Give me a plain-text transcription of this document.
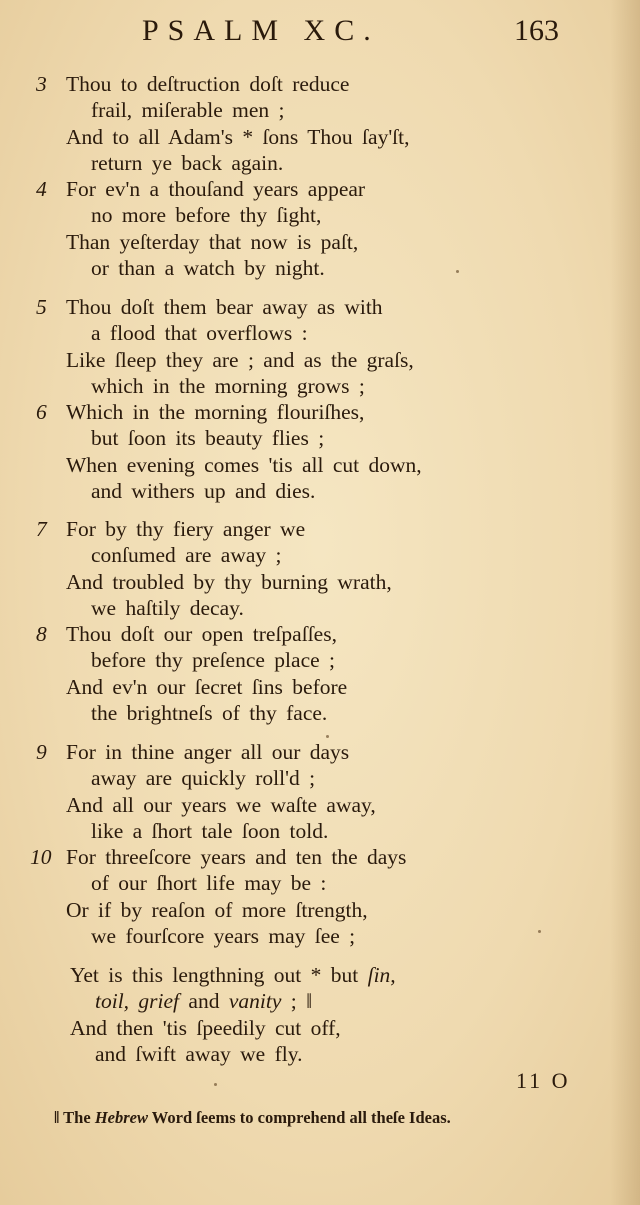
PSALM XC.	163
3 Thou to deſtruction doſt reduce
frail, miſerable men ;
And to all Adam's * ſons Thou ſay'ſt,
return ye back again.
4 For ev'n a thouſand years appear
no more before thy ſight,
Than yeſterday that now is paſt,
or than a watch by night.
5 Thou doſt them bear away as with
a flood that overflows :
Like ſleep they are ; and as the graſs,
which in the morning grows ;
6 Which in the morning flouriſhes,
but ſoon its beauty flies ;
When evening comes 'tis all cut down,
and withers up and dies.
7 For by thy fiery anger we
conſumed are away ;
And troubled by thy burning wrath,
we haſtily decay.
8 Thou doſt our open treſpaſſes,
before thy preſence place ;
And ev'n our ſecret ſins before
the brightneſs of thy face.
9 For in thine anger all our days
away are quickly roll'd ;
And all our years we waſte away,
like a ſhort tale ſoon told.
10 For threeſcore years and ten the days
of our ſhort life may be :
Or if by reaſon of more ſtrength,
we fourſcore years may ſee ;
Yet is this lengthning out * but ſin,
toil, grief and vanity ; ‖
And then 'tis ſpeedily cut off,
and ſwift away we fly.
11 O
‖ The Hebrew Word ſeems to comprehend all theſe Ideas.
